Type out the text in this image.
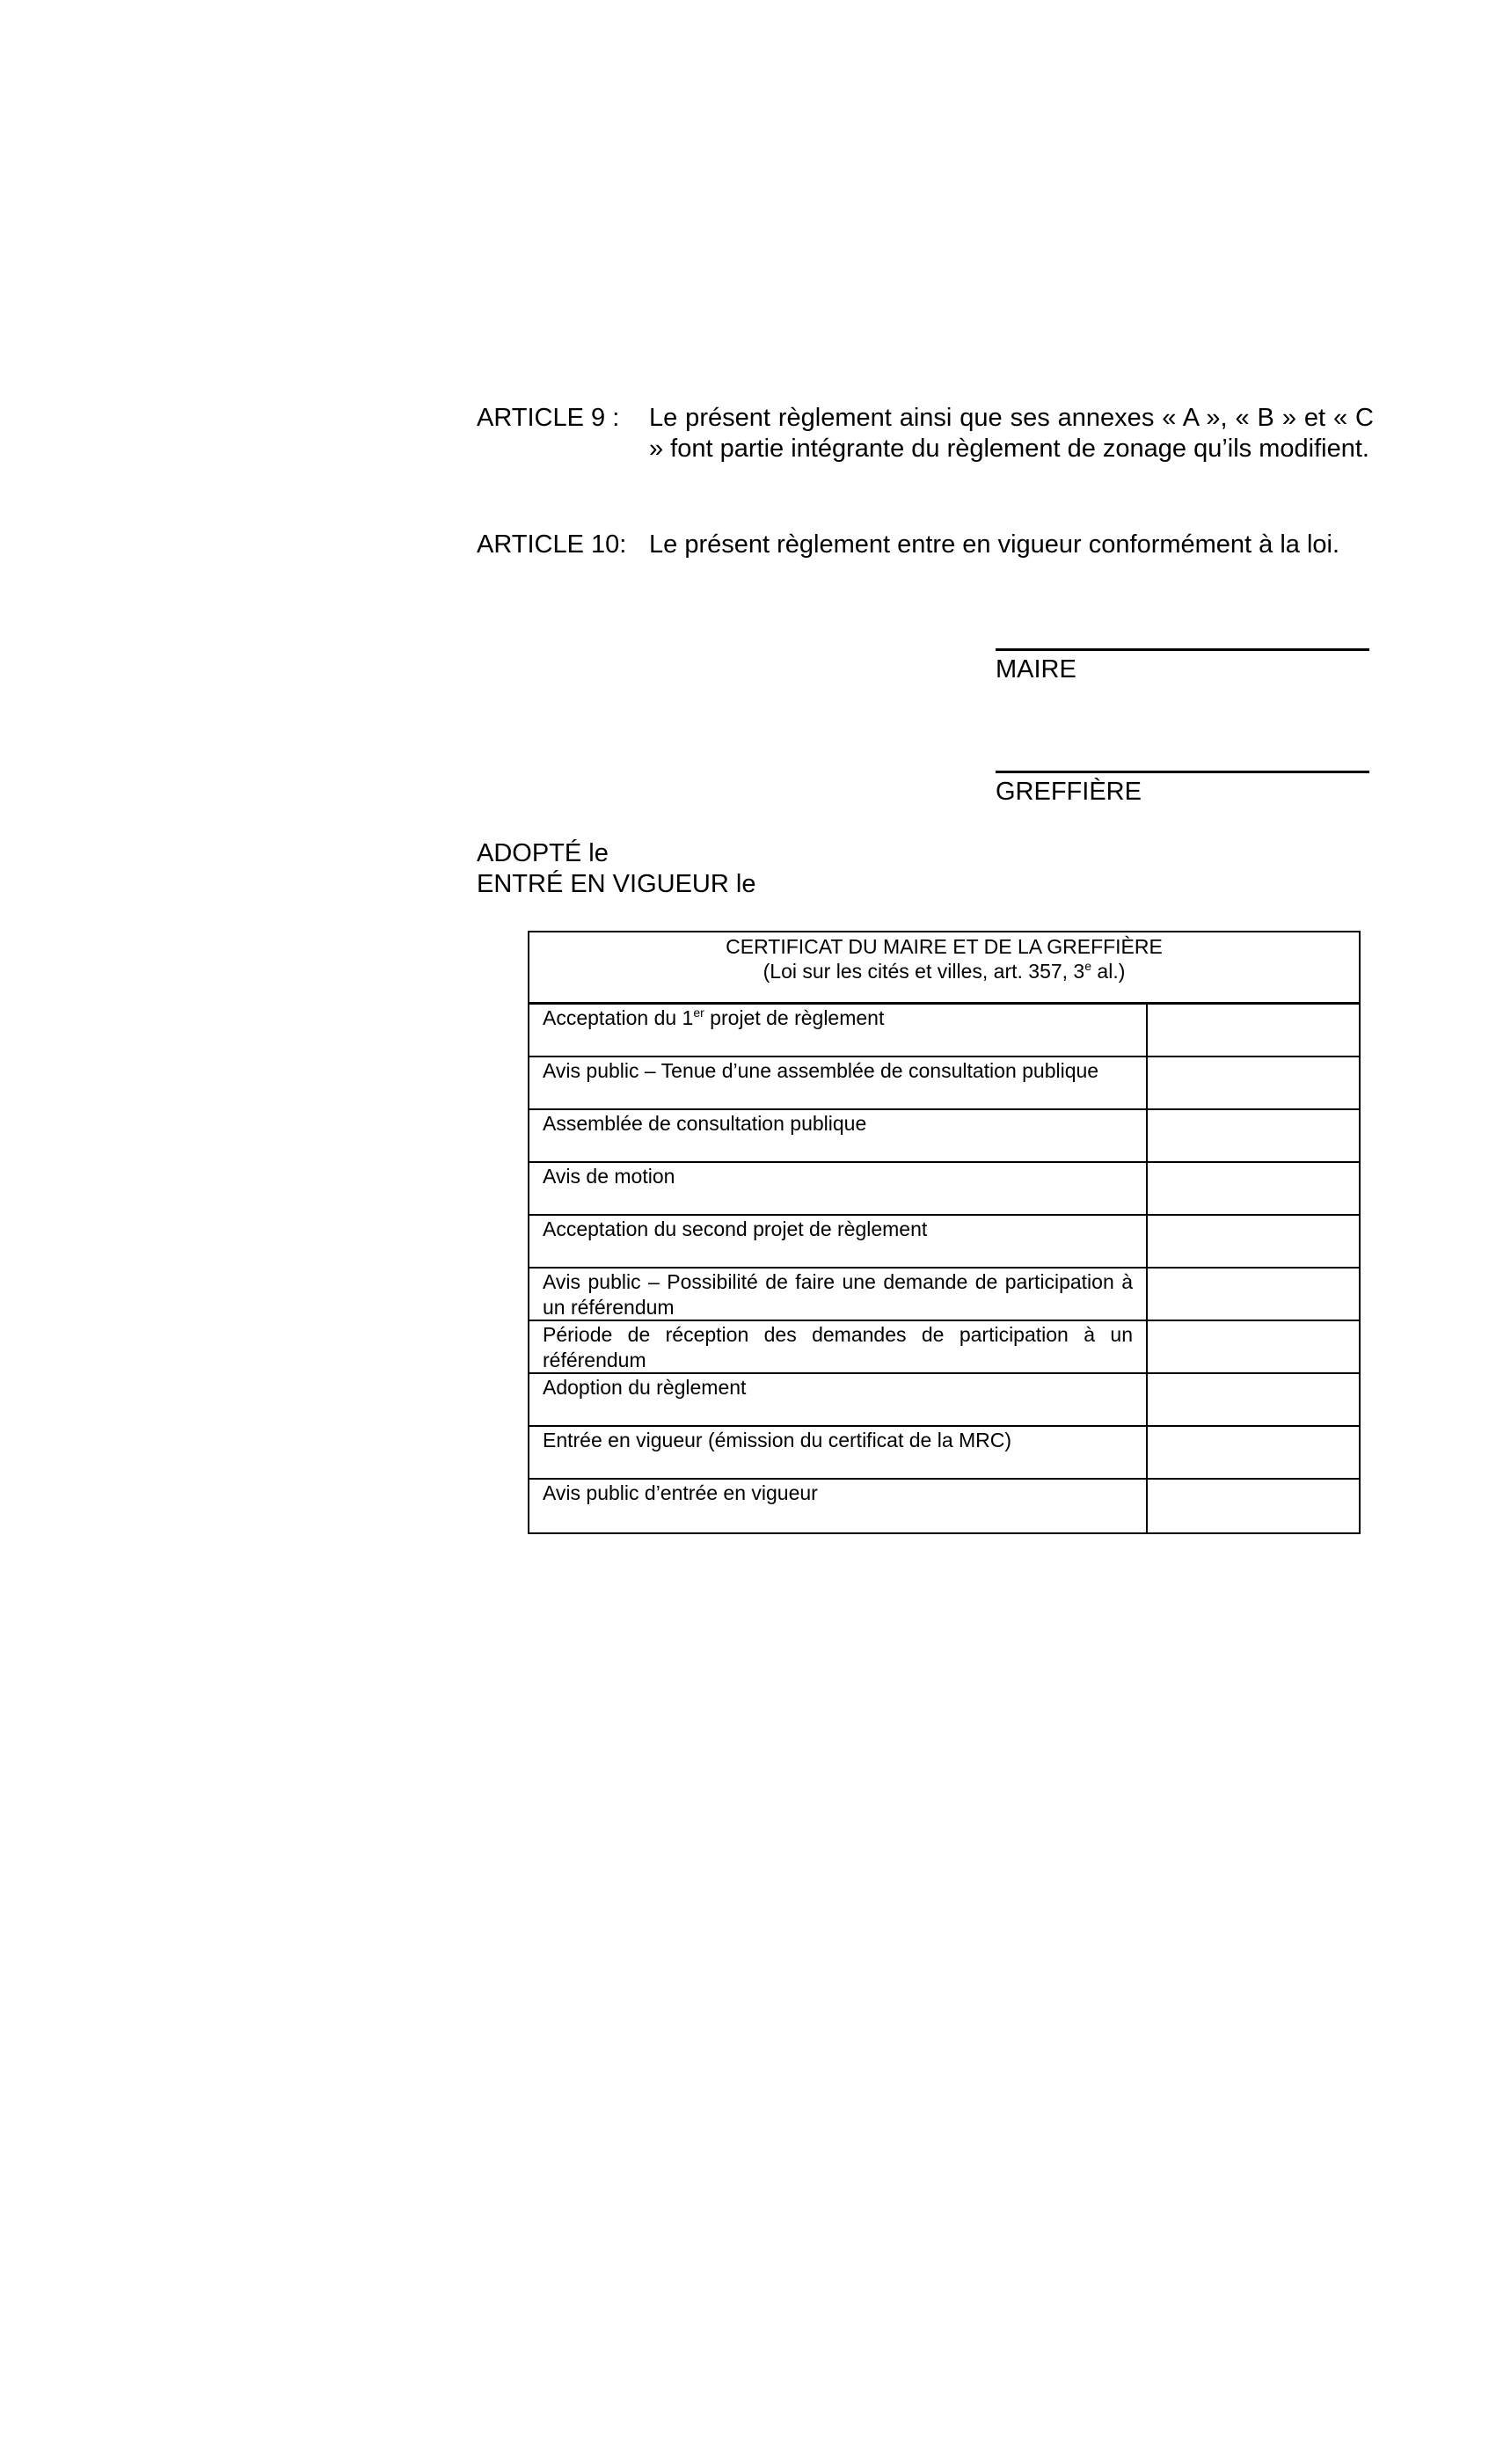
ARTICLE 9 :	Le présent règlement ainsi que ses annexes « A », « B » et « C » font partie intégrante du règlement de zonage qu’ils modifient.
ARTICLE 10: Le présent règlement entre en vigueur conformément à la loi.
MAIRE
GREFFIÈRE
ADOPTÉ le
ENTRÉ EN VIGUEUR le
CERTIFICAT DU MAIRE ET DE LA GREFFIÈRE
(Loi sur les cités et villes, art. 357, 3e al.)
Acceptation du 1er projet de règlement
Avis public – Tenue d’une assemblée de consultation publique
Assemblée de consultation publique
Avis de motion
Acceptation du second projet de règlement
Avis public – Possibilité de faire une demande de participation à un référendum
Période de réception des demandes de participation à un référendum
Adoption du règlement
Entrée en vigueur (émission du certificat de la MRC)
Avis public d’entrée en vigueur
